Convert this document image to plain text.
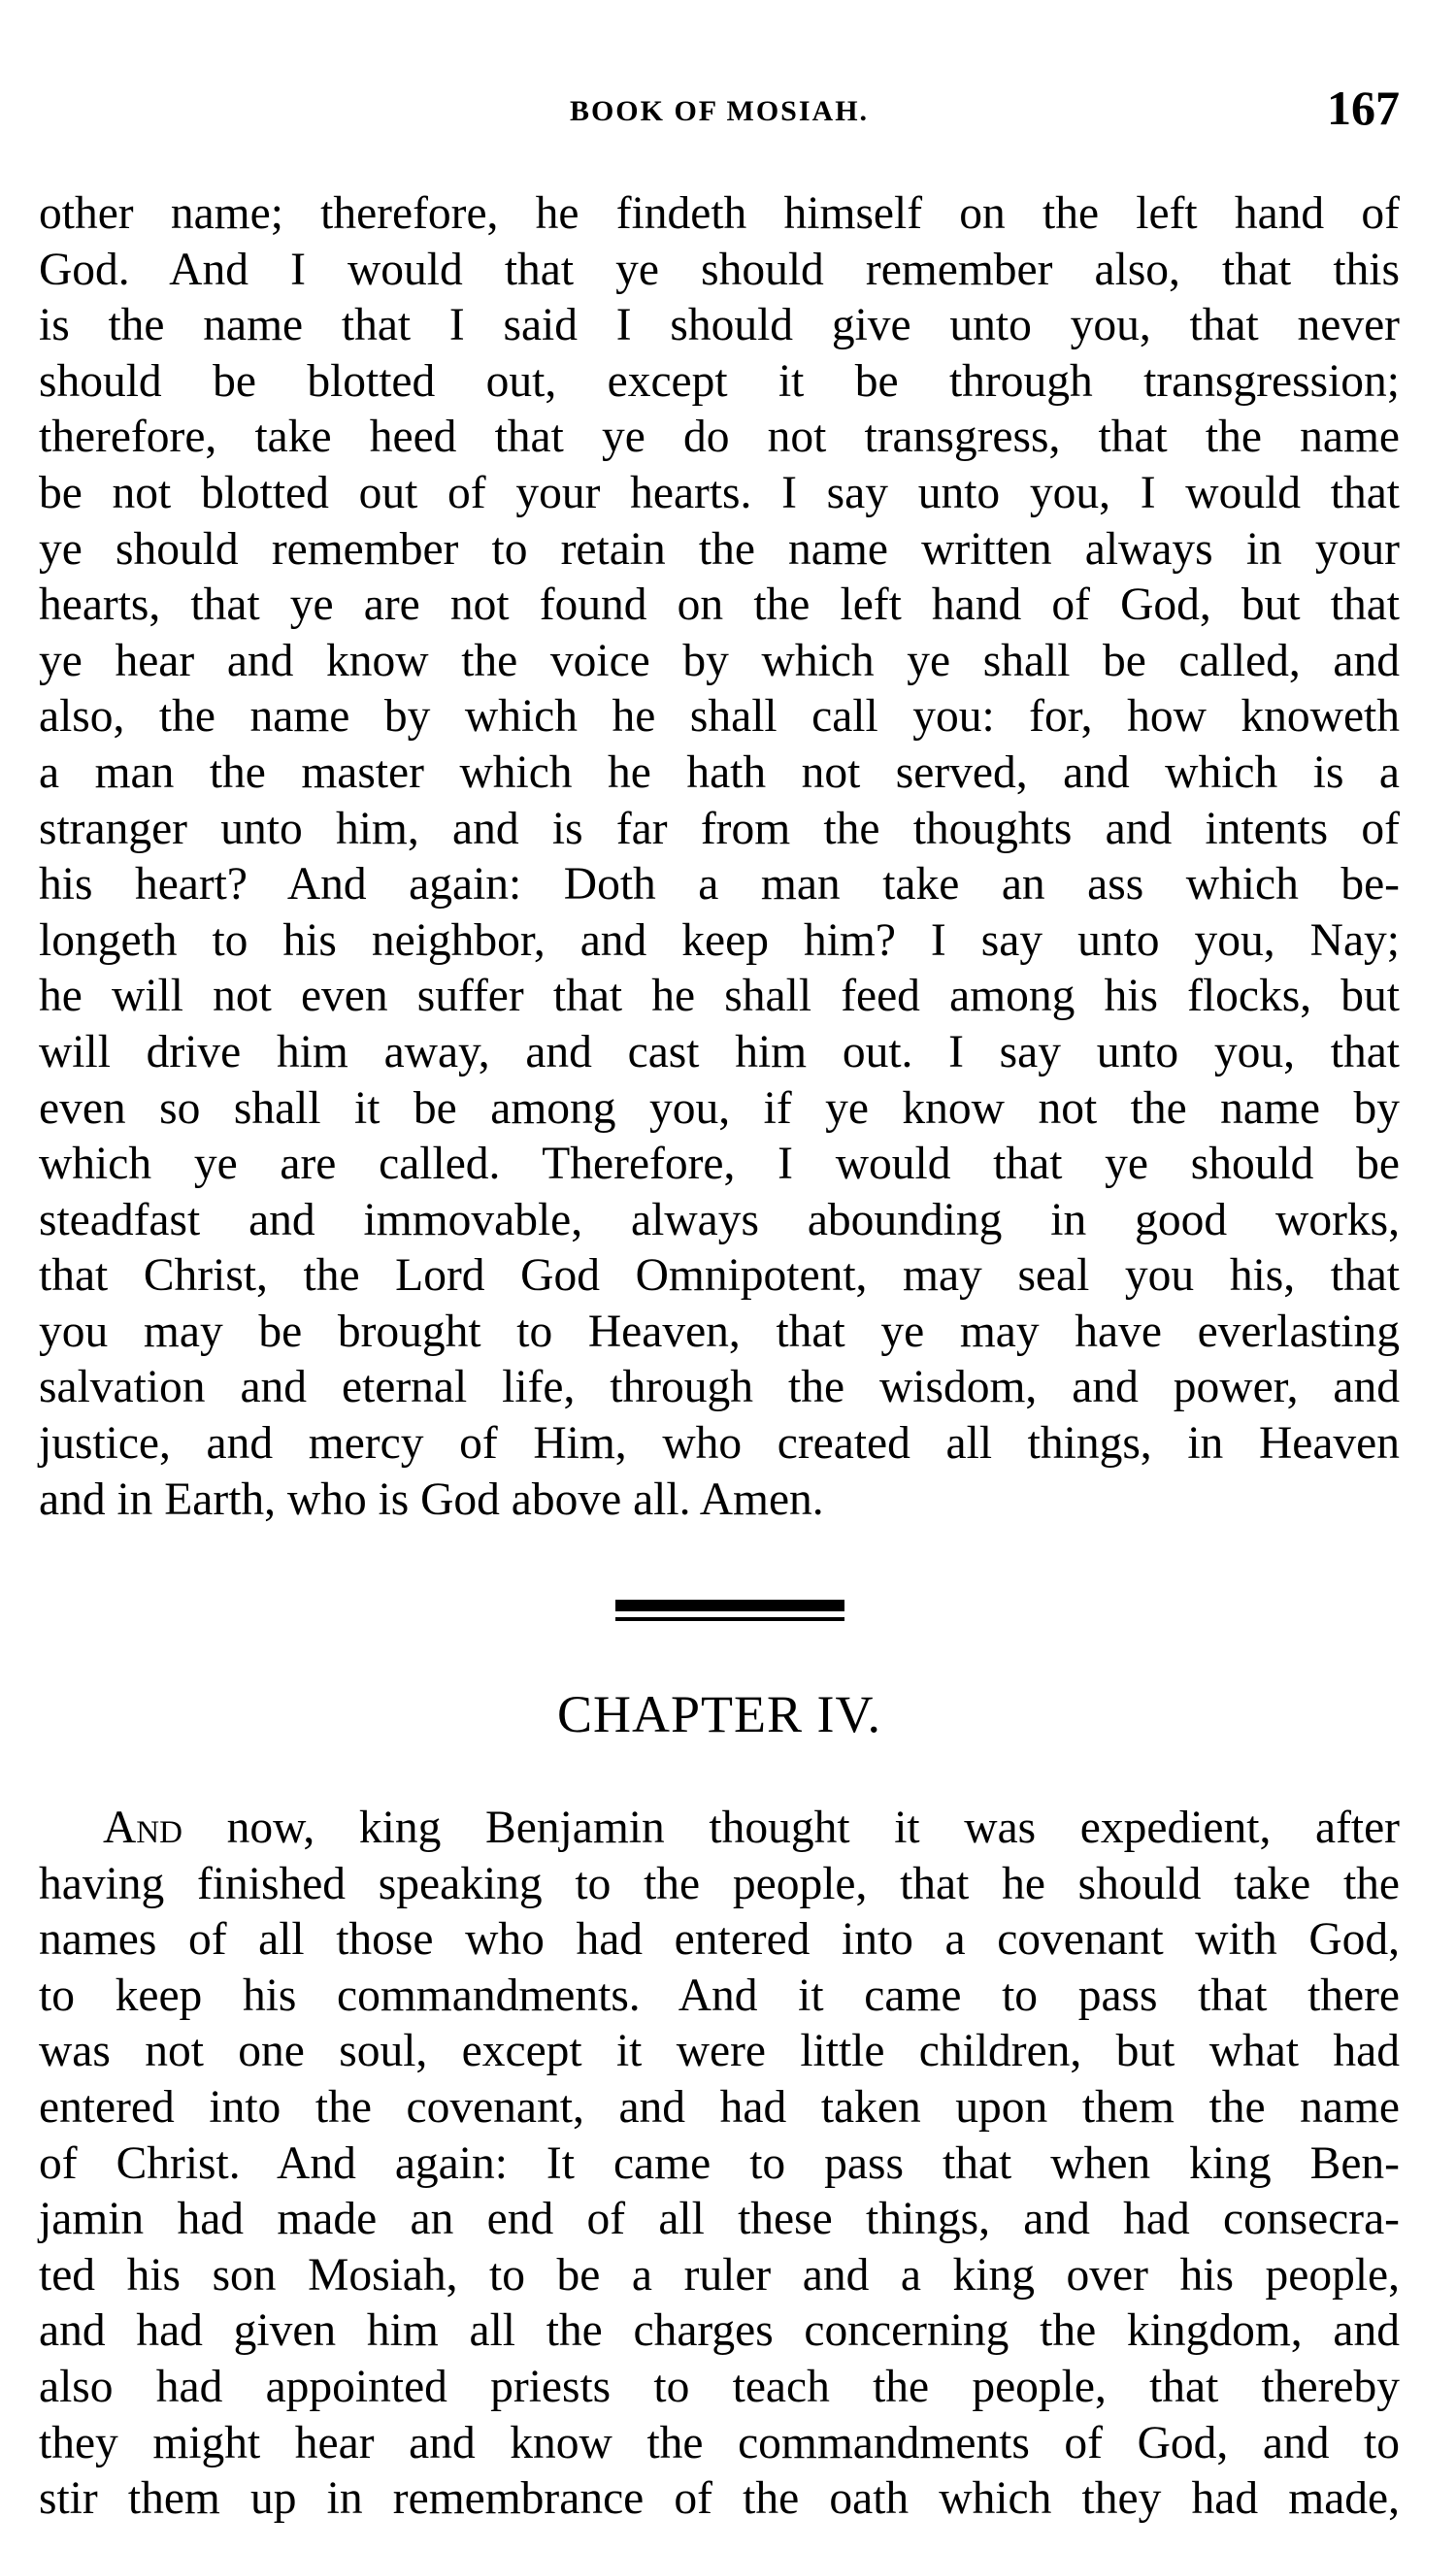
BOOK OF MOSIAH.	167
other name; therefore, he findeth himself on the left hand of
God. And I would that ye should remember also, that this
is the name that I said I should give unto you, that never
should be blotted out, except it be through transgression;
therefore, take heed that ye do not transgress, that the name
be not blotted out of your hearts. I say unto you, I would that
ye should remember to retain the name written always in your
hearts, that ye are not found on the left hand of God, but that
ye hear and know the voice by which ye shall be called, and
also, the name by which he shall call you: for, how knoweth
a man the master which he hath not served, and which is a
stranger unto him, and is far from the thoughts and intents of
his heart? And again: Doth a man take an ass which be-
longeth to his neighbor, and keep him? I say unto you, Nay;
he will not even suffer that he shall feed among his flocks, but
will drive him away, and cast him out. I say unto you, that
even so shall it be among you, if ye know not the name by
which ye are called. Therefore, I would that ye should be
steadfast and immovable, always abounding in good works,
that Christ, the Lord God Omnipotent, may seal you his, that
you may be brought to Heaven, that ye may have everlasting
salvation and eternal life, through the wisdom, and power, and
justice, and mercy of Him, who created all things, in Heaven
and in Earth, who is God above all. Amen.
CHAPTER IV.
And now, king Benjamin thought it was expedient, after
having finished speaking to the people, that he should take the
names of all those who had entered into a covenant with God,
to keep his commandments. And it came to pass that there
was not one soul, except it were little children, but what had
entered into the covenant, and had taken upon them the name
of Christ. And again: It came to pass that when king Ben-
jamin had made an end of all these things, and had consecra-
ted his son Mosiah, to be a ruler and a king over his people,
and had given him all the charges concerning the kingdom, and
also had appointed priests to teach the people, that thereby
they might hear and know the commandments of God, and to
stir them up in remembrance of the oath which they had made,
